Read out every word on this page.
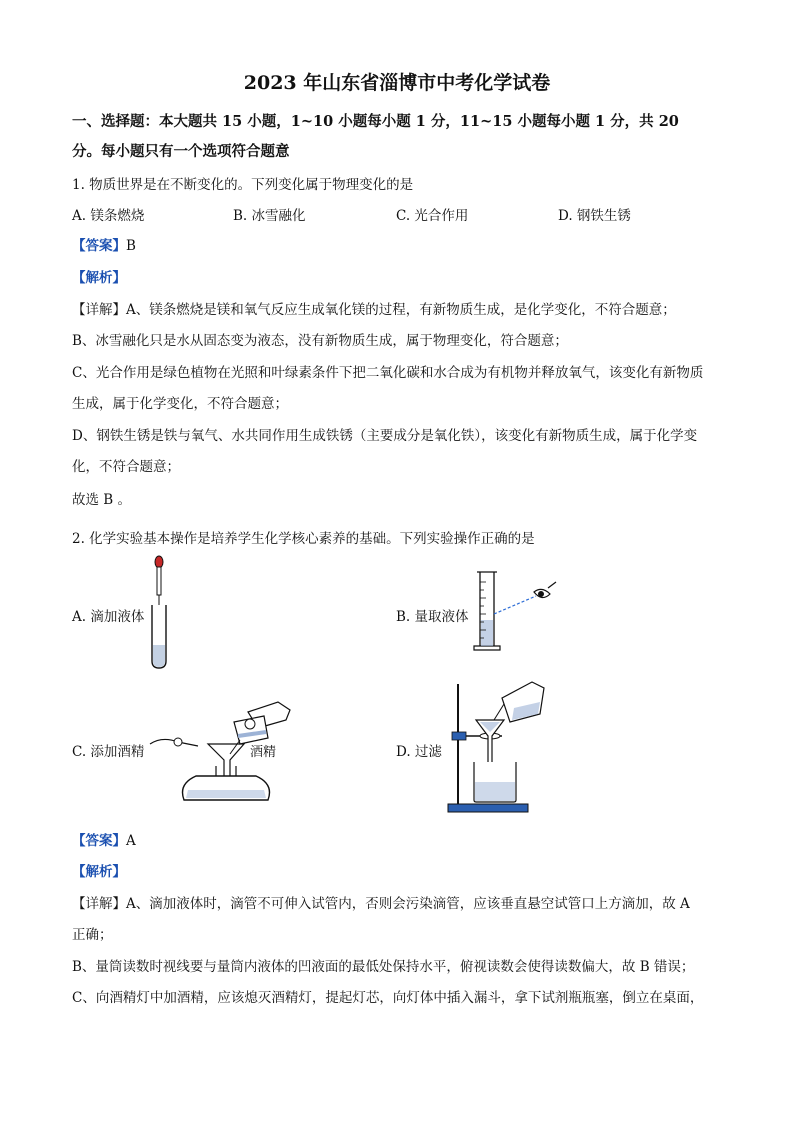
2023 年山东省淄博市中考化学试卷
一、选择题：本大题共 15 小题，1~10 小题每小题 1 分，11~15 小题每小题 1 分，共 20
分。每小题只有一个选项符合题意
1. 物质世界是在不断变化的。下列变化属于物理变化的是
A. 镁条燃烧	B. 冰雪融化	C. 光合作用	D. 钢铁生锈
【答案】B
【解析】
【详解】A、镁条燃烧是镁和氧气反应生成氧化镁的过程，有新物质生成，是化学变化，不符合题意；
B、冰雪融化只是水从固态变为液态，没有新物质生成，属于物理变化，符合题意；
C、光合作用是绿色植物在光照和叶绿素条件下把二氧化碳和水合成为有机物并释放氧气，该变化有新物质
生成，属于化学变化，不符合题意；
D、钢铁生锈是铁与氧气、水共同作用生成铁锈（主要成分是氧化铁），该变化有新物质生成，属于化学变
化，不符合题意；
故选 B 。
2. 化学实验基本操作是培养学生化学核心素养的基础。下列实验操作正确的是
A. 滴加液体	B. 量取液体
酒精
C. 添加酒精	D. 过滤
【答案】A
【解析】
【详解】A、滴加液体时，滴管不可伸入试管内，否则会污染滴管，应该垂直悬空试管口上方滴加，故 A
正确；
B、量筒读数时视线要与量筒内液体的凹液面的最低处保持水平，俯视读数会使得读数偏大，故 B 错误；
C、向酒精灯中加酒精，应该熄灭酒精灯，提起灯芯，向灯体中插入漏斗，拿下试剂瓶瓶塞，倒立在桌面，
